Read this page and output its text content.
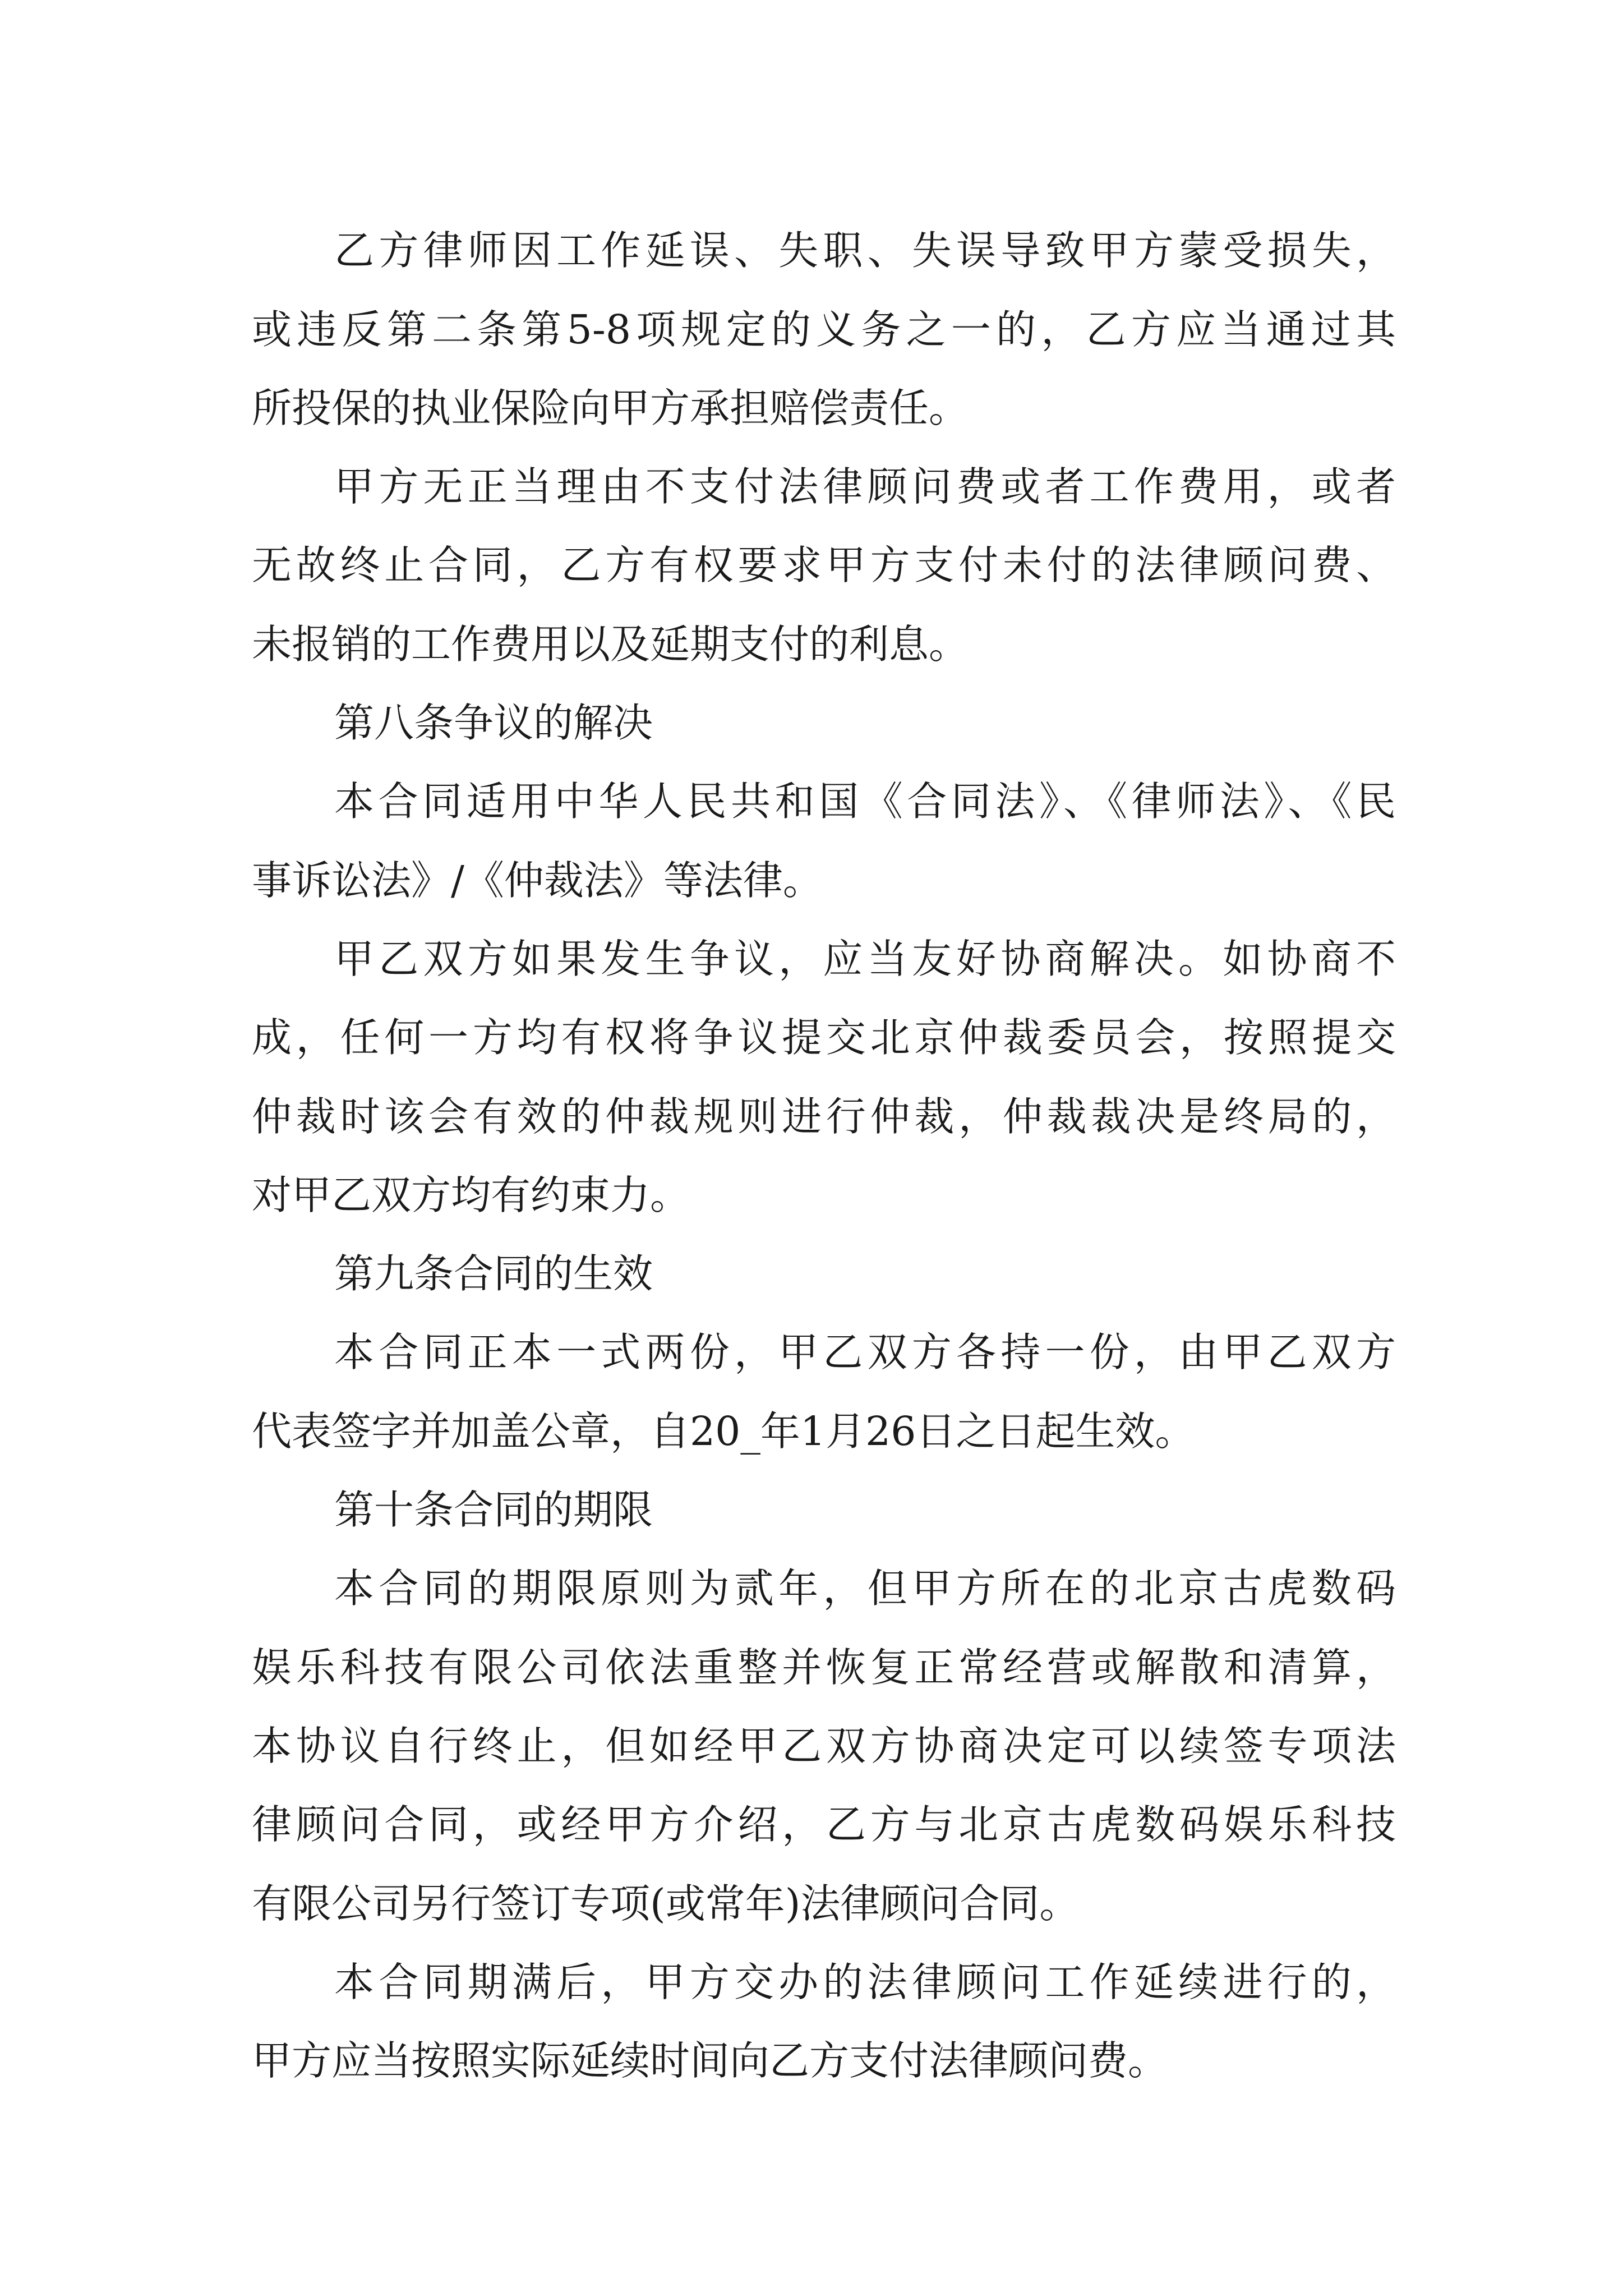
乙方律师因工作延误、失职、失误导致甲方蒙受损失，
或违反第二条第5-8项规定的义务之一的，乙方应当通过其
所投保的执业保险向甲方承担赔偿责任。
甲方无正当理由不支付法律顾问费或者工作费用，或者
无故终止合同，乙方有权要求甲方支付未付的法律顾问费、
未报销的工作费用以及延期支付的利息。
第八条争议的解决
本合同适用中华人民共和国《合同法》、《律师法》、《民
事诉讼法》/《仲裁法》等法律。
甲乙双方如果发生争议，应当友好协商解决。如协商不
成，任何一方均有权将争议提交北京仲裁委员会，按照提交
仲裁时该会有效的仲裁规则进行仲裁，仲裁裁决是终局的，
对甲乙双方均有约束力。
第九条合同的生效
本合同正本一式两份，甲乙双方各持一份，由甲乙双方
代表签字并加盖公章，自20_年1月26日之日起生效。
第十条合同的期限
本合同的期限原则为贰年，但甲方所在的北京古虎数码
娱乐科技有限公司依法重整并恢复正常经营或解散和清算，
本协议自行终止，但如经甲乙双方协商决定可以续签专项法
律顾问合同，或经甲方介绍，乙方与北京古虎数码娱乐科技
有限公司另行签订专项(或常年)法律顾问合同。
本合同期满后，甲方交办的法律顾问工作延续进行的，
甲方应当按照实际延续时间向乙方支付法律顾问费。
